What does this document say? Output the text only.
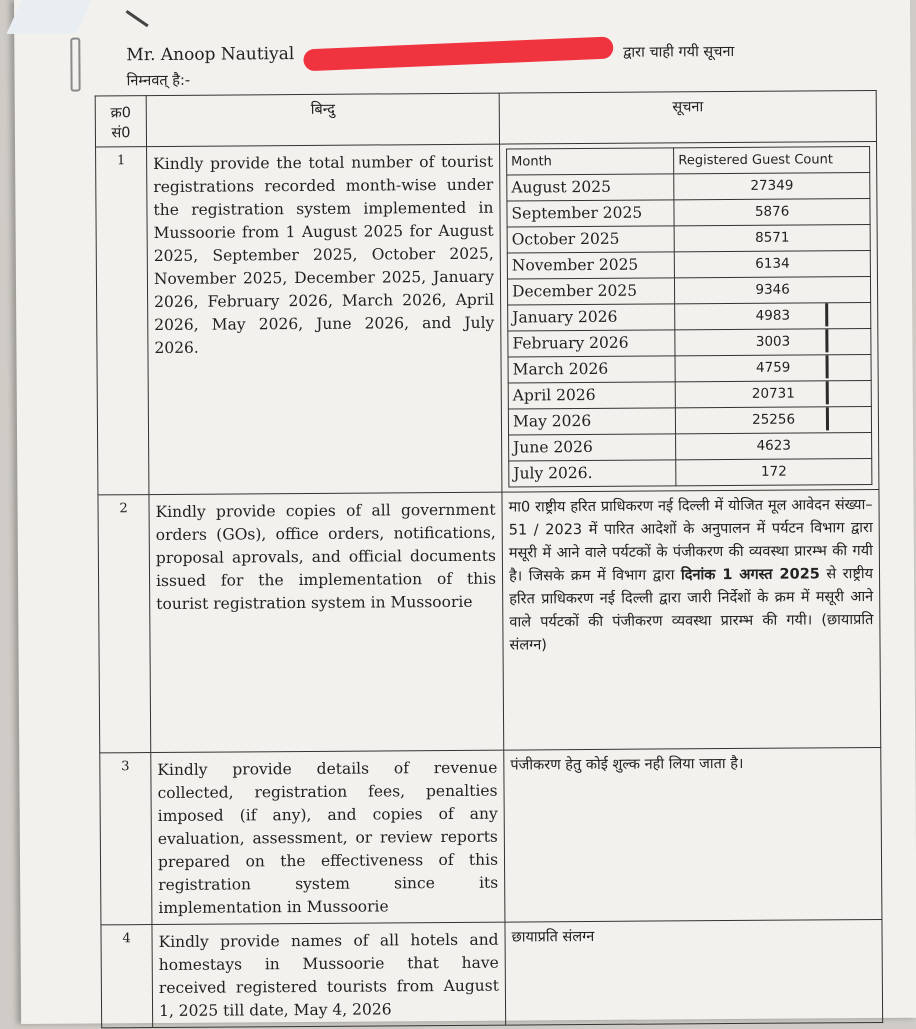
Mr. Anoop Nautiyal	द्वारा चाही गयी सूचना
निम्नवत् है:-
क्र0 सं0	बिन्दु	सूचना
1	Kindly provide the total number of tourist registrations recorded month-wise under the registration system implemented in Mussoorie from 1 August 2025 for August 2025, September 2025, October 2025, November 2025, December 2025, January 2026, February 2026, March 2026, April 2026, May 2026, June 2026, and July 2026.	
Month	Registered Guest Count
August 2025	27349
September 2025	5876
October 2025	8571
November 2025	6134
December 2025	9346
January 2026	4983

February 2026	3003

March 2026	4759

April 2026	20731

May 2026	25256

June 2026	4623
July 2026.	172

2	Kindly provide copies of all government orders (GOs), office orders, notifications, proposal aprovals, and official documents issued for the implementation of this tourist registration system in Mussoorie	मा0 राष्ट्रीय हरित प्राधिकरण नई दिल्ली में योजित मूल आवेदन संख्या–51 / 2023 में पारित आदेशों के अनुपालन में पर्यटन विभाग द्वारा मसूरी में आने वाले पर्यटकों के पंजीकरण की व्यवस्था प्रारम्भ की गयी है। जिसके क्रम में विभाग द्वारा दिनांक 1 अगस्त 2025 से राष्ट्रीय हरित प्राधिकरण नई दिल्ली द्वारा जारी निर्देशों के क्रम में मसूरी आने वाले पर्यटकों की पंजीकरण व्यवस्था प्रारम्भ की गयी। (छायाप्रति संलग्न)
3	Kindly provide details of revenue collected, registration fees, penalties imposed (if any), and copies of any evaluation, assessment, or review reports prepared on the effectiveness of this registration system since its implementation in Mussoorie	पंजीकरण हेतु कोई शुल्क नही लिया जाता है।
4	Kindly provide names of all hotels and homestays in Mussoorie that have received registered tourists from August 1, 2025 till date, May 4, 2026	छायाप्रति संलग्न
